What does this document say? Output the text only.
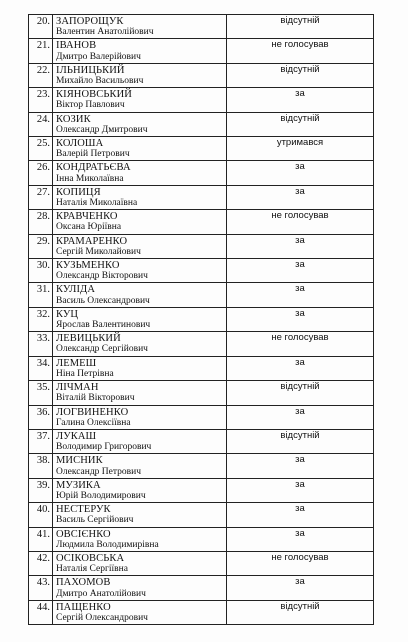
20.	ЗАПОРОЩУК
Валентин Анатолійович	відсутній

21.	ІВАНОВ
Дмитро Валерійович	не голосував

22.	ІЛЬНИЦЬКИЙ
Михайло Васильович	відсутній

23.	КІЯНОВСЬКИЙ
Віктор Павлович	за

24.	КОЗИК
Олександр Дмитрович	відсутній

25.	КОЛОША
Валерій Петрович	утримався

26.	КОНДРАТЬЄВА
Інна Миколаївна	за

27.	КОПИЦЯ
Наталія Миколаївна	за

28.	КРАВЧЕНКО
Оксана Юріївна	не голосував

29.	КРАМАРЕНКО
Сергій Миколайович	за

30.	КУЗЬМЕНКО
Олександр Вікторович	за

31.	КУЛІДА
Василь Олександрович	за

32.	КУЦ
Ярослав Валентинович	за

33.	ЛЕВИЦЬКИЙ
Олександр Сергійович	не голосував

34.	ЛЕМЕШ
Ніна Петрівна	за

35.	ЛІЧМАН
Віталій Вікторович	відсутній

36.	ЛОГВИНЕНКО
Галина Олексіївна	за

37.	ЛУКАШ
Володимир Григорович	відсутній

38.	МИСНИК
Олександр Петрович	за

39.	МУЗИКА
Юрій Володимирович	за

40.	НЕСТЕРУК
Василь Сергійович	за

41.	ОВСІЄНКО
Людмила Володимирівна	за

42.	ОСІКОВСЬКА
Наталія Сергіївна	не голосував

43.	ПАХОМОВ
Дмитро Анатолійович	за

44.	ПАЩЕНКО
Сергій Олександрович	відсутній
